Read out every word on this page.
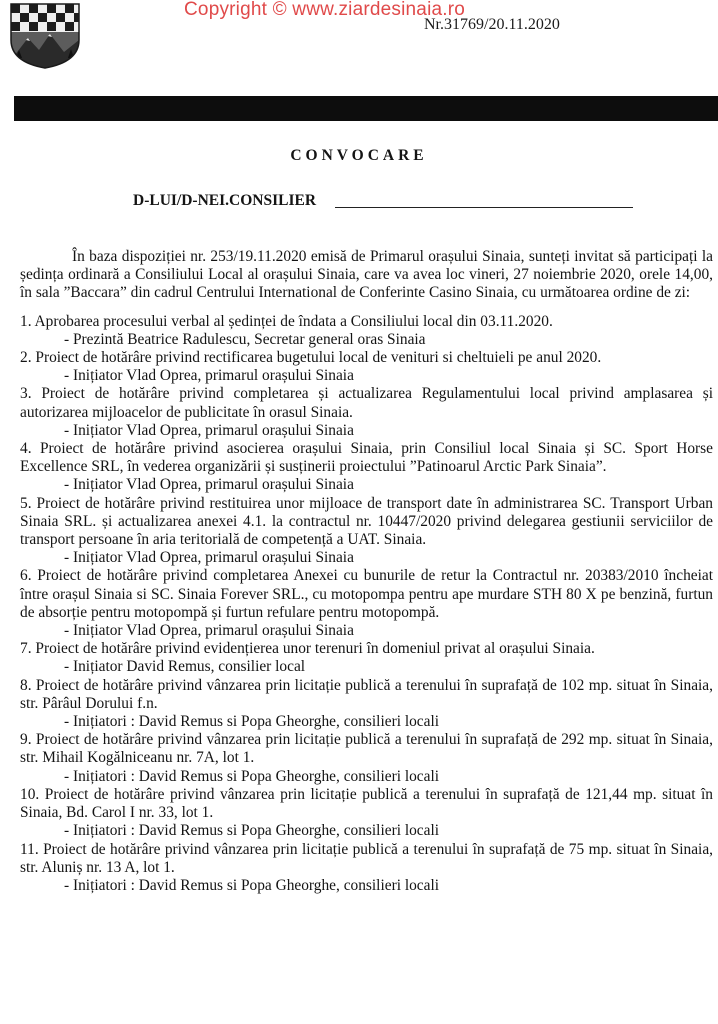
Copyright © www.ziardesinaia.ro
Nr.31769/20.11.2020
CONVOCARE
D-LUI/D-NEI.CONSILIER

În baza dispoziției nr. 253/19.11.2020 emisă de Primarul orașului Sinaia, sunteți invitat să participați la ședința ordinară a Consiliului Local al orașului Sinaia, care va avea loc vineri, 27 noiembrie 2020, orele 14,00, în sala ”Baccara” din cadrul Centrului International de Conferinte Casino Sinaia, cu următoarea ordine de zi:

1. Aprobarea procesului verbal al ședinței de îndata a Consiliului local din 03.11.2020.

- Prezintă Beatrice Radulescu, Secretar general oras Sinaia

2. Proiect de hotărâre privind rectificarea bugetului local de venituri si cheltuieli pe anul 2020.

- Inițiator Vlad Oprea, primarul orașului Sinaia

3. Proiect de hotărâre privind completarea și actualizarea Regulamentului local privind amplasarea și autorizarea mijloacelor de publicitate în orasul Sinaia.

- Inițiator Vlad Oprea, primarul orașului Sinaia

4. Proiect de hotărâre privind asocierea orașului Sinaia, prin Consiliul local Sinaia și SC. Sport Horse Excellence SRL, în vederea organizării și susținerii proiectului ”Patinoarul Arctic Park Sinaia”.

- Inițiator Vlad Oprea, primarul orașului Sinaia

5. Proiect de hotărâre privind restituirea unor mijloace de transport date în administrarea SC. Transport Urban Sinaia SRL. și actualizarea anexei 4.1. la contractul nr. 10447/2020 privind delegarea gestiunii serviciilor de transport persoane în aria teritorială de competență a UAT. Sinaia.

- Inițiator Vlad Oprea, primarul orașului Sinaia

6. Proiect de hotărâre privind completarea Anexei cu bunurile de retur la Contractul nr. 20383/2010 încheiat între orașul Sinaia si SC. Sinaia Forever SRL., cu motopompa pentru ape murdare STH 80 X pe benzină, furtun de absorție pentru motopompă și furtun refulare pentru motopompă.

- Inițiator Vlad Oprea, primarul orașului Sinaia

7. Proiect de hotărâre privind evidențierea unor terenuri în domeniul privat al orașului Sinaia.

- Inițiator David Remus, consilier local

8. Proiect de hotărâre privind vânzarea prin licitație publică a terenului în suprafață de 102 mp. situat în Sinaia, str. Pârâul Dorului f.n.

- Inițiatori : David Remus si Popa Gheorghe, consilieri locali

9. Proiect de hotărâre privind vânzarea prin licitație publică a terenului în suprafață de 292 mp. situat în Sinaia, str. Mihail Kogălniceanu nr. 7A, lot 1.

- Inițiatori : David Remus si Popa Gheorghe, consilieri locali

10. Proiect de hotărâre privind vânzarea prin licitație publică a terenului în suprafață de 121,44 mp. situat în Sinaia, Bd. Carol I nr. 33, lot 1.

- Inițiatori : David Remus si Popa Gheorghe, consilieri locali

11. Proiect de hotărâre privind vânzarea prin licitație publică a terenului în suprafață de 75 mp. situat în Sinaia, str. Aluniș nr. 13 A, lot 1.

- Inițiatori : David Remus si Popa Gheorghe, consilieri locali
